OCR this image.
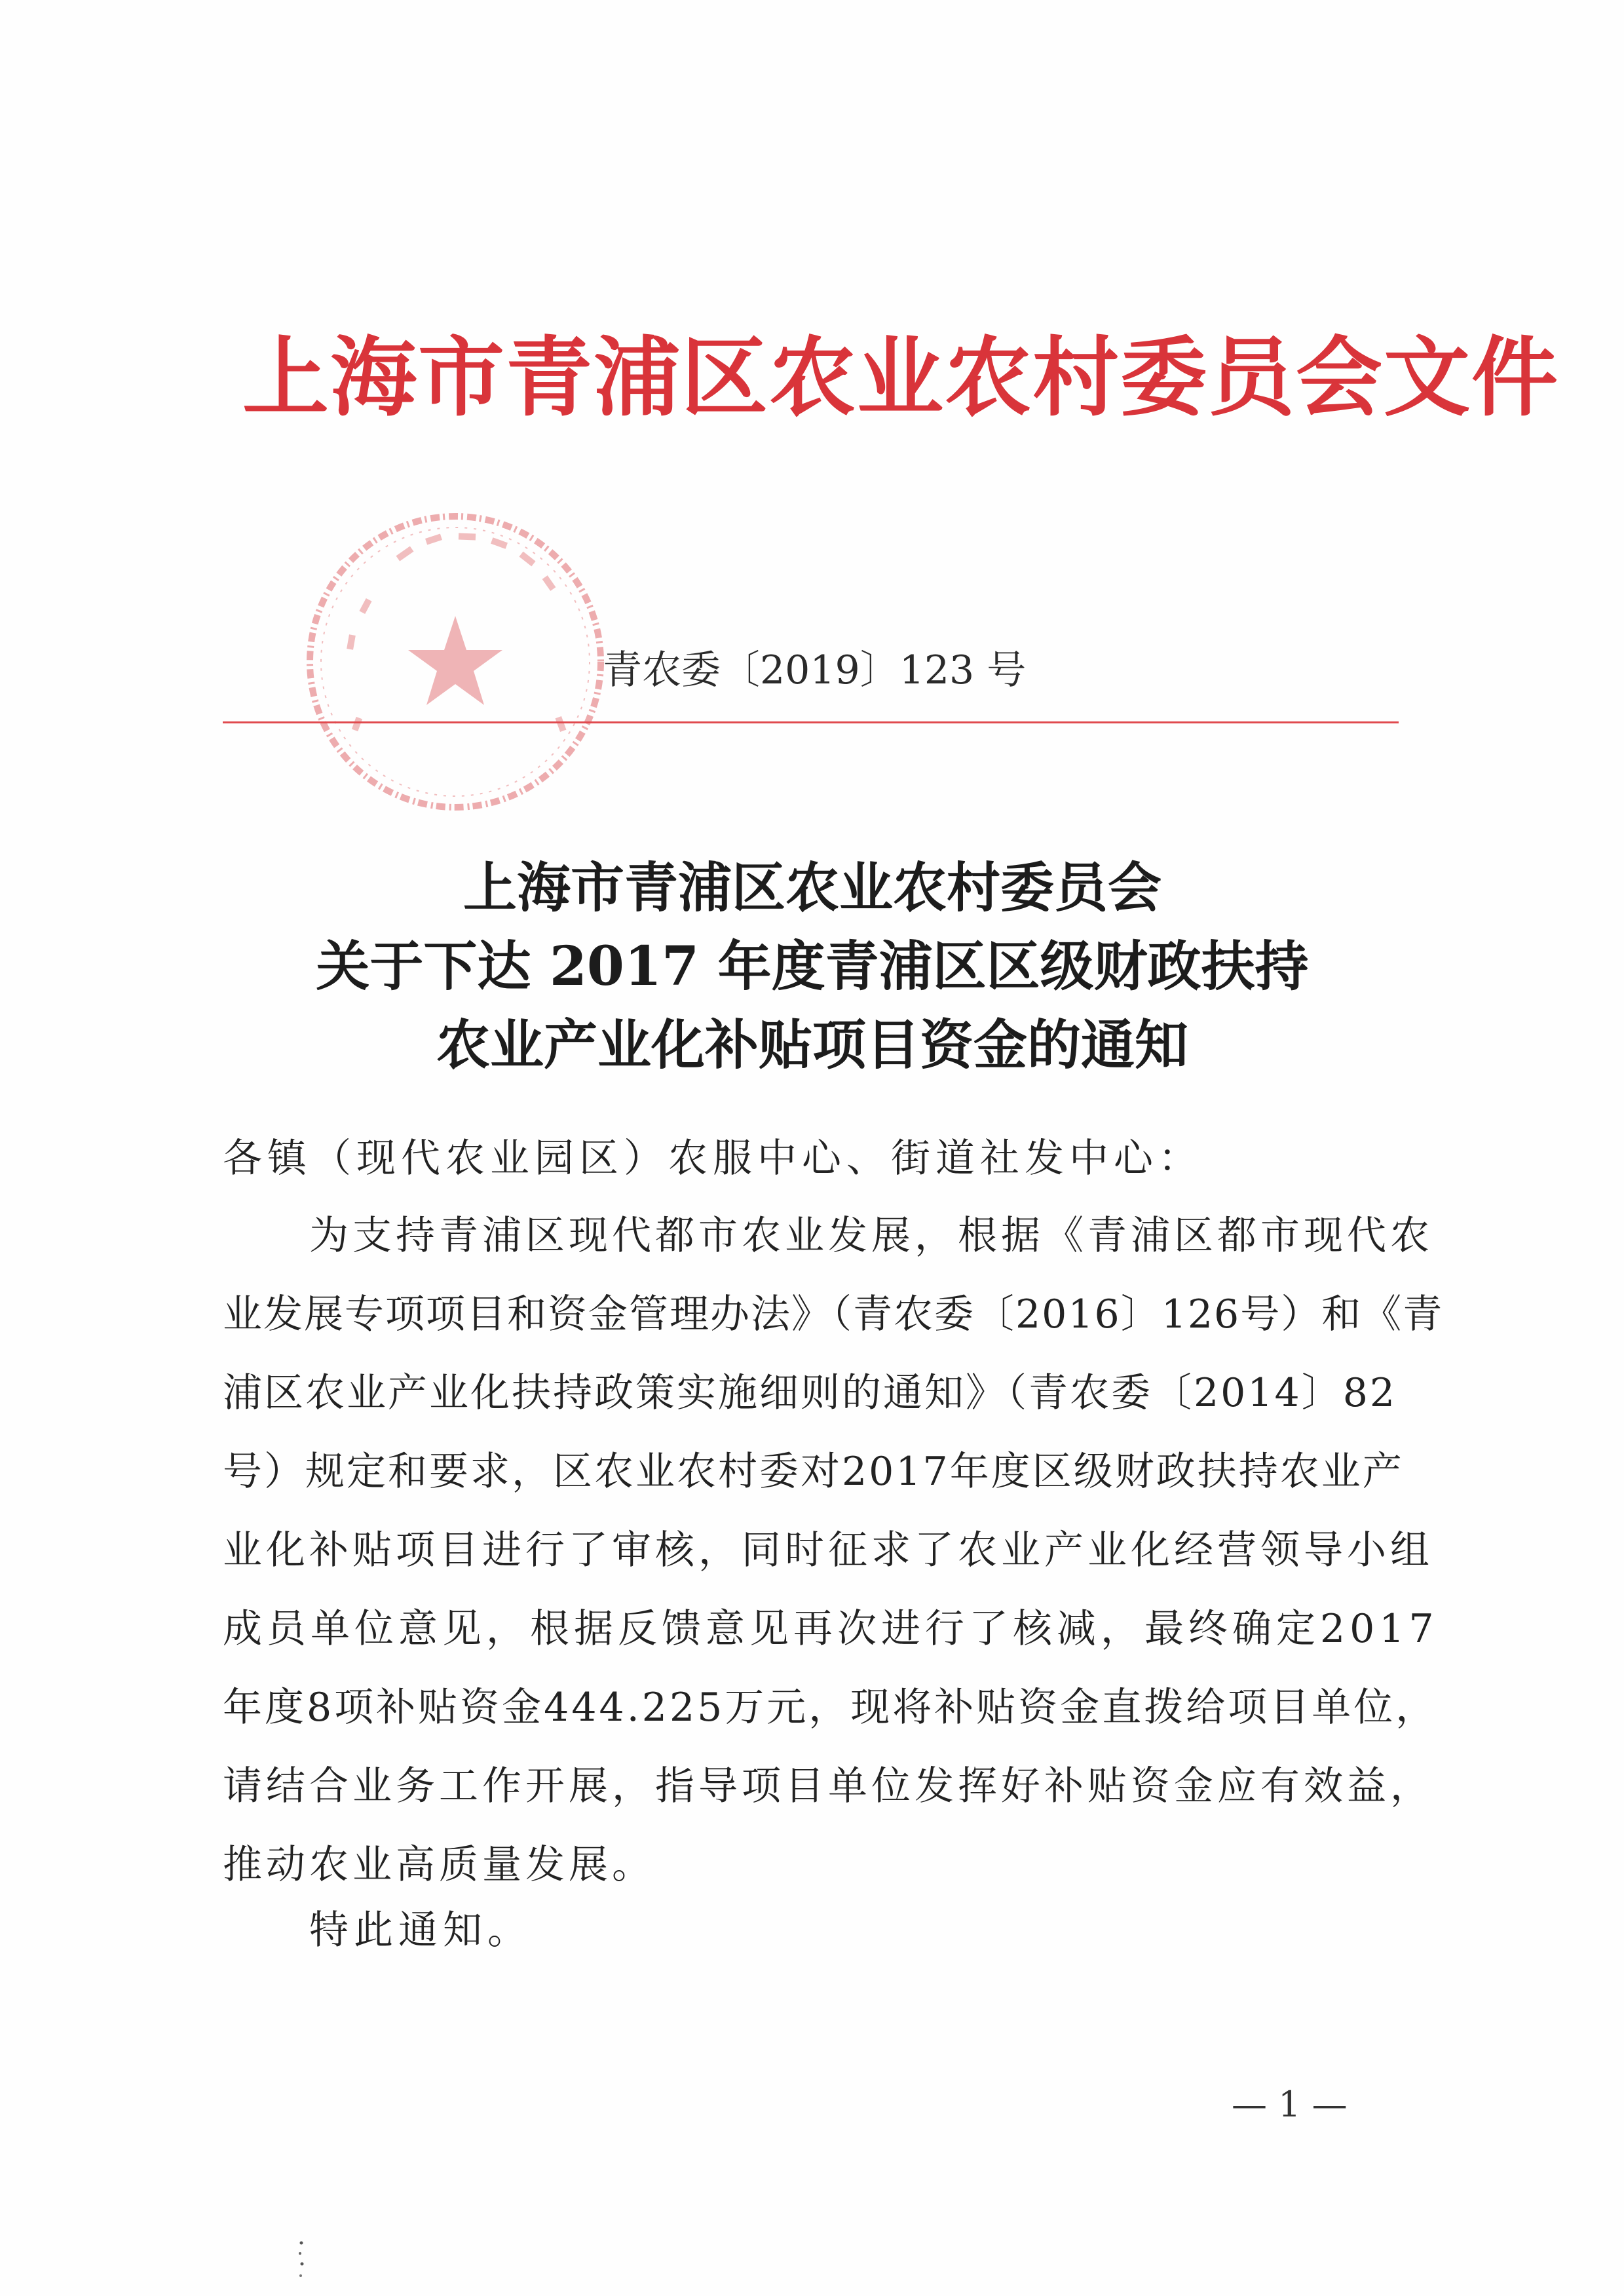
上海市青浦区农业农村委员会文件
青农委〔2019〕123 号
上海市青浦区农业农村委员会
关于下达 2017 年度青浦区区级财政扶持
农业产业化补贴项目资金的通知
各镇（现代农业园区）农服中心、街道社发中心：
为支持青浦区现代都市农业发展，根据《青浦区都市现代农
业发展专项项目和资金管理办法》（青农委〔2016〕126号）和《青
浦区农业产业化扶持政策实施细则的通知》（青农委〔2014〕82
号）规定和要求，区农业农村委对2017年度区级财政扶持农业产
业化补贴项目进行了审核，同时征求了农业产业化经营领导小组
成员单位意见，根据反馈意见再次进行了核减，最终确定2017
年度8项补贴资金444.225万元，现将补贴资金直拨给项目单位，
请结合业务工作开展，指导项目单位发挥好补贴资金应有效益，
推动农业高质量发展。
特此通知。
— 1 —
